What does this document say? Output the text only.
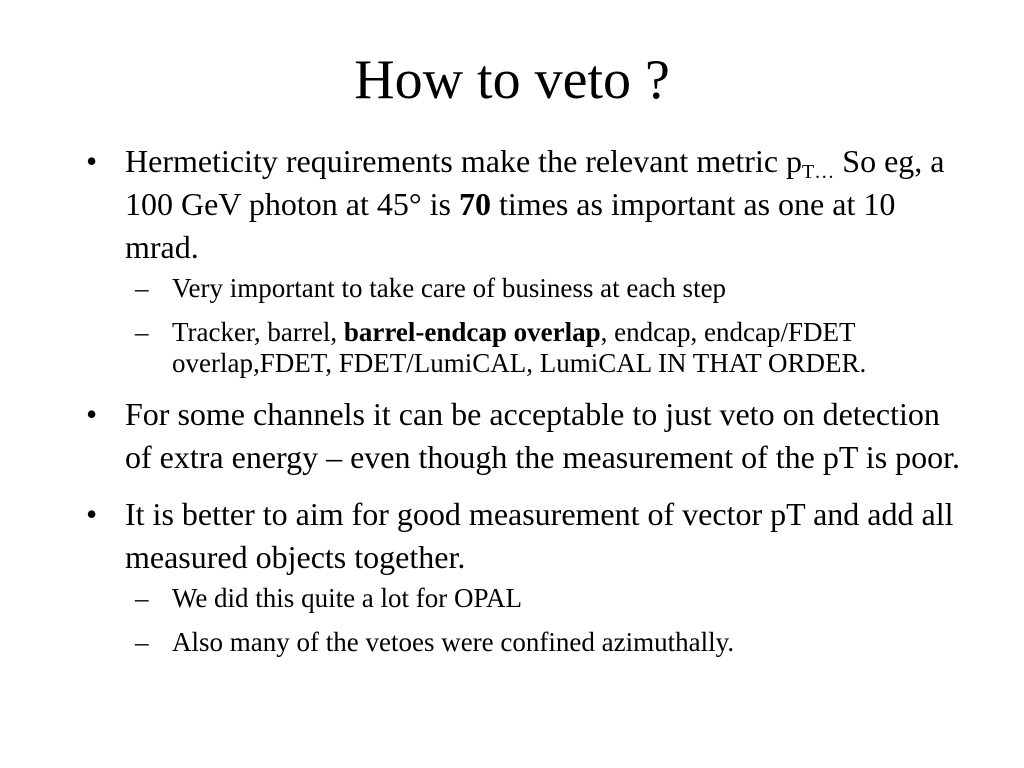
How to veto ?
• Hermeticity requirements make the relevant metric $p_{T\dots}$ So eg, a 100 GeV photon at 45° is 70 times as important as one at 10 mrad.
– Very important to take care of business at each step
– Tracker, barrel, barrel-endcap overlap, endcap, endcap/FDET overlap,FDET, FDET/LumiCAL, LumiCAL IN THAT ORDER.
• For some channels it can be acceptable to just veto on detection of extra energy – even though the measurement of the pT is poor.
• It is better to aim for good measurement of vector pT and add all measured objects together.
– We did this quite a lot for OPAL
– Also many of the vetoes were confined azimuthally.
